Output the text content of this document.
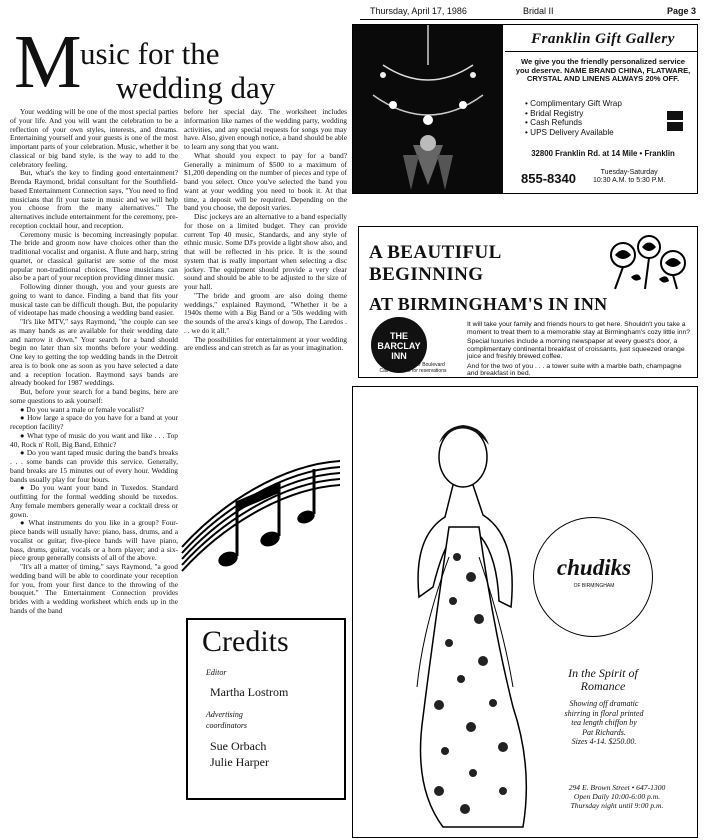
Thursday, April 17, 1986	Bridal II	Page 3
M
usic for the
wedding day

Your wedding will be one of the most special parties of your life. And you will want the celebration to be a reflection of your own styles, interests, and dreams. Entertaining yourself and your guests is one of the most important parts of your celebration. Music, whether it be classical or big band style, is the way to add to the celebratory feeling.

But, what's the key to finding good entertainment? Brenda Raymond, bridal consultant for the Southfield-based Entertainment Connection says, "You need to find musicians that fit your taste in music and we will help you choose from the many alternatives." The alternatives include entertainment for the ceremony, pre-reception cocktail hour, and reception.

Ceremony music is becoming increasingly popular. The bride and groom now have choices other than the traditional vocalist and organist. A flute and harp, string quartet, or classical guitarist are some of the most popular non-traditional choices. These musicians can also be a part of your reception providing dinner music.

Following dinner though, you and your guests are going to want to dance. Finding a band that fits your musical taste can be difficult though. But, the popularity of videotape has made choosing a wedding band easier.

"It's like MTV," says Raymond, "the couple can see as many bands as are available for their wedding date and narrow it down." Your search for a band should begin no later than six months before your wedding. One key to getting the top wedding bands in the Detroit area is to book one as soon as you have selected a date and a reception location. Raymond says bands are already booked for 1987 weddings.

But, before your search for a band begins, here are some questions to ask yourself:

● Do you want a male or female vocalist?

● How large a space do you have for a band at your reception facility?

● What type of music do you want and like . . . Top 40, Rock n' Roll, Big Band, Ethnic?

● Do you want taped music during the band's breaks . . . some bands can provide this service. Generally, band breaks are 15 minutes out of every hour. Wedding bands usually play for four hours.

● Do you want your band in Tuxedos. Standard outfitting for the formal wedding should be tuxedos. Any female members generally wear a cocktail dress or gown.

● What instruments do you like in a group? Four-piece bands will usually have: piano, bass, drums, and a vocalist or guitar; five-piece bands will have piano, bass, drums, guitar, vocals or a horn player; and a six-piece group generally consists of all of the above.

"It's all a matter of timing," says Raymond, "a good wedding band will be able to coordinate your reception for you, from your first dance to the throwing of the bouquet." The Entertainment Connection provides brides with a wedding worksheet which ends up in the hands of the band

before her special day. The worksheet includes information like names of the wedding party, wedding activities, and any special requests for songs you may have. Also, given enough notice, a band should be able to learn any song that you want.

What should you expect to pay for a band? Generally a minimum of $500 to a maximum of $1,200 depending on the number of pieces and type of band you select. Once you've selected the band you want at your wedding you need to book it. At that time, a deposit will be required. Depending on the band you choose, the deposit varies.

Disc jockeys are an alternative to a band especially for those on a limited budget. They can provide current Top 40 music, Standards, and any style of ethnic music. Some DJ's provide a light show also, and that will be reflected in his price. It is the sound system that is really important when selecting a disc jockey. The equipment should provide a very clear sound and should be able to be adjusted to the size of your hall.

"The bride and groom are also doing theme weddings," explained Raymond, "Whether it be a 1940s theme with a Big Band or a '50s wedding with the sounds of the area's kings of dowop, The Laredos . . . we do it all."

The possibilities for entertainment at your wedding are endless and can stretch as far as your imagination.

Franklin Gift Gallery
We give you the friendly personalized service you deserve. NAME BRAND CHINA, FLATWARE, CRYSTAL AND LINENS ALWAYS 20% OFF.
• Complimentary Gift Wrap
• Bridal Registry
• Cash Refunds
• UPS Delivery Available
32800 Franklin Rd. at 14 Mile • Franklin
855-8340	Tuesday-Saturday
10:30 A.M. to 5:30 P.M.
A BEAUTIFUL
BEGINNING
AT BIRMINGHAM'S IN INN
THE
BARCLAY
INN
Maple and Hunter Boulevard
Call 646-7300 for reservations

It will take your family and friends hours to get here. Shouldn't you take a moment to treat them to a memorable stay at Birmingham's cozy little inn?

Special luxuries include a morning newspaper at every guest's door, a complimentary continental breakfast of croissants, just squeezed orange juice and freshly brewed coffee.

And for the two of you . . . a tower suite with a marble bath, champagne and breakfast in bed.

chudiks
OF BIRMINGHAM
In the Spirit of
Romance
Showing off dramatic
shirring in floral printed
tea length chiffon by
Pat Richards.
Sizes 4-14. $250.00.
294 E. Brown Street • 647-1300
Open Daily 10:00-6:00 p.m.
Thursday night until 9:00 p.m.
Credits
Editor
Martha Lostrom
Advertising
coordinators
Sue Orbach
Julie Harper
